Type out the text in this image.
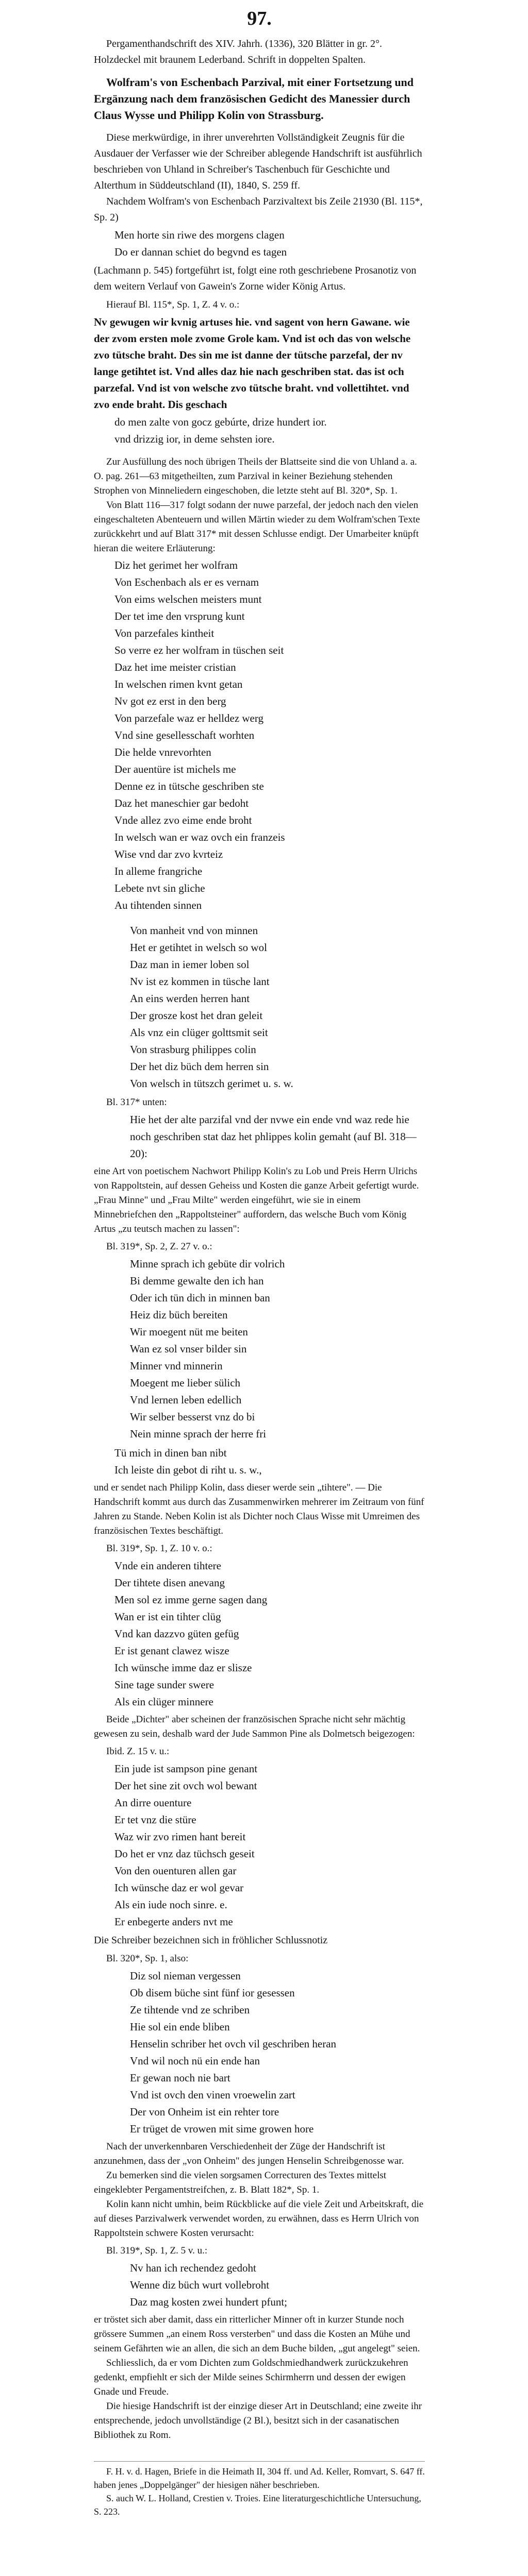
97.

Pergamenthandschrift des XIV. Jahrh. (1336), 320 Blätter in gr. 2°. Holzdeckel mit braunem Lederband. Schrift in doppelten Spalten.

Wolfram's von Eschenbach Parzival, mit einer Fortsetzung und Ergänzung nach dem französischen Gedicht des Manessier durch Claus Wysse und Philipp Kolin von Strassburg.

Diese merkwürdige, in ihrer unverehrten Vollständigkeit Zeugnis für die Ausdauer der Verfasser wie der Schreiber ablegende Handschrift ist ausführlich beschrieben von Uhland in Schreiber's Taschenbuch für Geschichte und Alterthum in Süddeutschland (II), 1840, S. 259 ff.

Nachdem Wolfram's von Eschenbach Parzivaltext bis Zeile 21930 (Bl. 115*, Sp. 2)

Men horte sin riwe des morgens clagen

Do er dannan schiet do begvnd es tagen

(Lachmann p. 545) fortgeführt ist, folgt eine roth geschriebene Prosanotiz von dem weitern Verlauf von Gawein's Zorne wider König Artus.

Hierauf Bl. 115*, Sp. 1, Z. 4 v. o.:

Nv gewugen wir kvnig artuses hie. vnd sagent von hern Gawane. wie der zvom ersten mole zvome Grole kam. Vnd ist och das von welsche zvo tütsche braht. Des sin me ist danne der tütsche parzefal, der nv lange getihtet ist. Vnd alles daz hie nach geschriben stat. das ist och parzefal. Vnd ist von welsche zvo tütsche braht. vnd vollettihtet. vnd zvo ende braht. Dis geschach

do men zalte von gocz gebúrte, drize hundert ior.

vnd drizzig ior, in deme sehsten iore.

Zur Ausfüllung des noch übrigen Theils der Blattseite sind die von Uhland a. a. O. pag. 261—63 mitgetheilten, zum Parzival in keiner Beziehung stehenden Strophen von Minneliedern eingeschoben, die letzte steht auf Bl. 320*, Sp. 1.

Von Blatt 116—317 folgt sodann der nuwe parzefal, der jedoch nach den vielen eingeschalteten Abenteuern und willen Märtin wieder zu dem Wolfram'schen Texte zurückkehrt und auf Blatt 317* mit dessen Schlusse endigt. Der Umarbeiter knüpft hieran die weitere Erläuterung:

Diz het gerimet her wolfram

Von Eschenbach als er es vernam

Von eims welschen meisters munt

Der tet ime den vrsprung kunt

Von parzefales kintheit

So verre ez her wolfram in tüschen seit

Daz het ime meister cristian

In welschen rimen kvnt getan

Nv got ez erst in den berg

Von parzefale waz er helldez werg

Vnd sine gesellesschaft worhten

Die helde vnrevorhten

Der auentüre ist michels me

Denne ez in tütsche geschriben ste

Daz het maneschier gar bedoht

Vnde allez zvo eime ende broht

In welsch wan er waz ovch ein franzeis

Wise vnd dar zvo kvrteiz

In alleme frangriche

Lebete nvt sin gliche

Au tihtenden sinnen

Von manheit vnd von minnen

Het er getihtet in welsch so wol

Daz man in iemer loben sol

Nv ist ez kommen in tüsche lant

An eins werden herren hant

Der grosze kost het dran geleit

Als vnz ein clüger golttsmit seit

Von strasburg philippes colin

Der het diz büch dem herren sin

Von welsch in tütszch gerimet u. s. w.

Bl. 317* unten:

Hie het der alte parzifal vnd der nvwe ein ende vnd waz rede hie noch geschriben stat daz het phlippes kolin gemaht (auf Bl. 318—20):

eine Art von poetischem Nachwort Philipp Kolin's zu Lob und Preis Herrn Ulrichs von Rappoltstein, auf dessen Geheiss und Kosten die ganze Arbeit gefertigt wurde. „Frau Minne" und „Frau Milte" werden eingeführt, wie sie in einem Minnebriefchen den „Rappoltsteiner" auffordern, das welsche Buch vom König Artus „zu teutsch machen zu lassen":

Bl. 319*, Sp. 2, Z. 27 v. o.:

Minne sprach ich gebüte dir volrich

Bi demme gewalte den ich han

Oder ich tün dich in minnen ban

Heiz diz büch bereiten

Wir moegent nüt me beiten

Wan ez sol vnser bilder sin

Minner vnd minnerin

Moegent me lieber sülich

Vnd lernen leben edellich

Wir selber besserst vnz do bi

Nein minne sprach der herre fri

Tü mich in dinen ban nibt

Ich leiste din gebot di riht u. s. w.,

und er sendet nach Philipp Kolin, dass dieser werde sein „tihtere". — Die Handschrift kommt aus durch das Zusammenwirken mehrerer im Zeitraum von fünf Jahren zu Stande. Neben Kolin ist als Dichter noch Claus Wisse mit Umreimen des französischen Textes beschäftigt.

Bl. 319*, Sp. 1, Z. 10 v. o.:

Vnde ein anderen tihtere

Der tihtete disen anevang

Men sol ez imme gerne sagen dang

Wan er ist ein tihter clüg

Vnd kan dazzvo güten gefüg

Er ist genant clawez wisze

Ich wünsche imme daz er slisze

Sine tage sunder swere

Als ein clüger minnere

Beide „Dichter" aber scheinen der französischen Sprache nicht sehr mächtig gewesen zu sein, deshalb ward der Jude Sammon Pine als Dolmetsch beigezogen:

Ibid. Z. 15 v. u.:

Ein jude ist sampson pine genant

Der het sine zit ovch wol bewant

An dirre ouenture

Er tet vnz die stüre

Waz wir zvo rimen hant bereit

Do het er vnz daz tüchsch geseit

Von den ouenturen allen gar

Ich wünsche daz er wol gevar

Als ein iude noch sinre. e.

Er enbegerte anders nvt me

Die Schreiber bezeichnen sich in fröhlicher Schlussnotiz

Bl. 320*, Sp. 1, also:

Diz sol nieman vergessen

Ob disem büche sint fünf ior gesessen

Ze tihtende vnd ze schriben

Hie sol ein ende bliben

Henselin schriber het ovch vil geschriben heran

Vnd wil noch nü ein ende han

Er gewan noch nie bart

Vnd ist ovch den vinen vroewelin zart

Der von Onheim ist ein rehter tore

Er trüget de vrowen mit sime growen hore

Nach der unverkennbaren Verschiedenheit der Züge der Handschrift ist anzunehmen, dass der „von Onheim" des jungen Henselin Schreibgenosse war.

Zu bemerken sind die vielen sorgsamen Correcturen des Textes mittelst eingeklebter Pergamentstreifchen, z. B. Blatt 182*, Sp. 1.

Kolin kann nicht umhin, beim Rückblicke auf die viele Zeit und Arbeitskraft, die auf dieses Parzivalwerk verwendet worden, zu erwähnen, dass es Herrn Ulrich von Rappoltstein schwere Kosten verursacht:

Bl. 319*, Sp. 1, Z. 5 v. u.:

Nv han ich rechendez gedoht

Wenne diz büch wurt vollebroht

Daz mag kosten zwei hundert pfunt;

er tröstet sich aber damit, dass ein ritterlicher Minner oft in kurzer Stunde noch grössere Summen „an einem Ross versterben" und dass die Kosten an Mühe und seinem Gefährten wie an allen, die sich an dem Buche bilden, „gut angelegt" seien.

Schliesslich, da er vom Dichten zum Goldschmiedhandwerk zurückzukehren gedenkt, empfiehlt er sich der Milde seines Schirmherrn und dessen der ewigen Gnade und Freude.

Die hiesige Handschrift ist der einzige dieser Art in Deutschland; eine zweite ihr entsprechende, jedoch unvollständige (2 Bl.), besitzt sich in der casanatischen Bibliothek zu Rom.

F. H. v. d. Hagen, Briefe in die Heimath II, 304 ff. und Ad. Keller, Romvart, S. 647 ff. haben jenes „Doppelgänger" der hiesigen näher beschrieben.

S. auch W. L. Holland, Crestien v. Troies. Eine literaturgeschichtliche Untersuchung, S. 223.
